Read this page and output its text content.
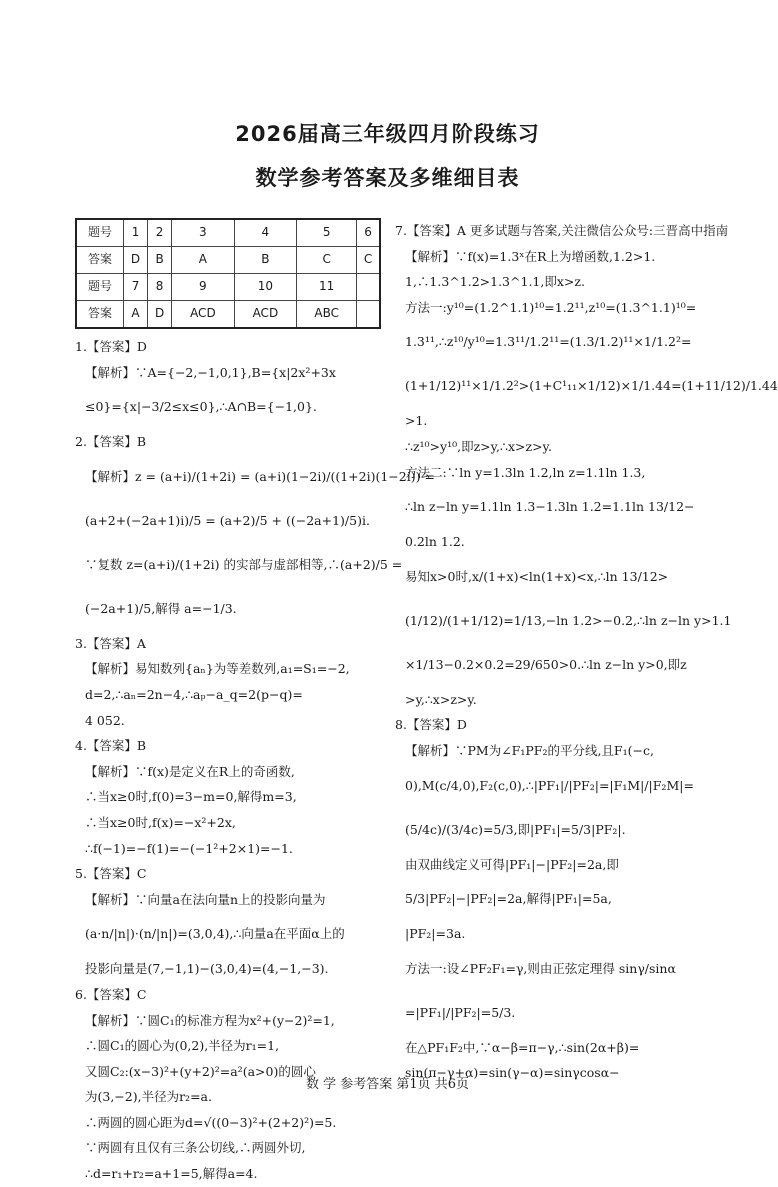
2026届高三年级四月阶段练习
数学参考答案及多维细目表
题号	1	2	3	4	5	6
答案	D	B	A	B	C	C
题号	7	8	9	10	11	
答案	A	D	ACD	ACD	ABC	
1.【答案】D
【解析】∵A={−2,−1,0,1},B={x|2x²+3x
≤0}={x|−3/2≤x≤0},∴A∩B={−1,0}.
2.【答案】B
【解析】z = (a+i)/(1+2i) = (a+i)(1−2i)/((1+2i)(1−2i)) =
(a+2+(−2a+1)i)/5 = (a+2)/5 + ((−2a+1)/5)i.
∵复数 z=(a+i)/(1+2i) 的实部与虚部相等,∴(a+2)/5 =
(−2a+1)/5,解得 a=−1/3.
3.【答案】A
【解析】易知数列{aₙ}为等差数列,a₁=S₁=−2,
d=2,∴aₙ=2n−4,∴aₚ−a_q=2(p−q)=
4 052.
4.【答案】B
【解析】∵f(x)是定义在R上的奇函数,
∴当x≥0时,f(0)=3−m=0,解得m=3,
∴当x≥0时,f(x)=−x²+2x,
∴f(−1)=−f(1)=−(−1²+2×1)=−1.
5.【答案】C
【解析】∵向量a在法向量n上的投影向量为
(a·n/|n|)·(n/|n|)=(3,0,4),∴向量a在平面α上的
投影向量是(7,−1,1)−(3,0,4)=(4,−1,−3).
6.【答案】C
【解析】∵圆C₁的标准方程为x²+(y−2)²=1,
∴圆C₁的圆心为(0,2),半径为r₁=1,
又圆C₂:(x−3)²+(y+2)²=a²(a>0)的圆心
为(3,−2),半径为r₂=a.
∴两圆的圆心距为d=√((0−3)²+(2+2)²)=5.
∵两圆有且仅有三条公切线,∴两圆外切,
∴d=r₁+r₂=a+1=5,解得a=4.
7.【答案】A 更多试题与答案,关注微信公众号:三晋高中指南
【解析】∵f(x)=1.3ˣ在R上为增函数,1.2>1.
1,∴1.3^1.2>1.3^1.1,即x>z.
方法一:y¹⁰=(1.2^1.1)¹⁰=1.2¹¹,z¹⁰=(1.3^1.1)¹⁰=
1.3¹¹,∴z¹⁰/y¹⁰=1.3¹¹/1.2¹¹=(1.3/1.2)¹¹×1/1.2²=
(1+1/12)¹¹×1/1.2²>(1+C¹₁₁×1/12)×1/1.44=(1+11/12)/1.44
>1.
∴z¹⁰>y¹⁰,即z>y,∴x>z>y.
方法二:∵ln y=1.3ln 1.2,ln z=1.1ln 1.3,
∴ln z−ln y=1.1ln 1.3−1.3ln 1.2=1.1ln 13/12−
0.2ln 1.2.
易知x>0时,x/(1+x)<ln(1+x)<x,∴ln 13/12>
(1/12)/(1+1/12)=1/13,−ln 1.2>−0.2,∴ln z−ln y>1.1
×1/13−0.2×0.2=29/650>0.∴ln z−ln y>0,即z
>y,∴x>z>y.
8.【答案】D
【解析】∵PM为∠F₁PF₂的平分线,且F₁(−c,
0),M(c/4,0),F₂(c,0),∴|PF₁|/|PF₂|=|F₁M|/|F₂M|=
(5/4c)/(3/4c)=5/3,即|PF₁|=5/3|PF₂|.
由双曲线定义可得|PF₁|−|PF₂|=2a,即
5/3|PF₂|−|PF₂|=2a,解得|PF₁|=5a,
|PF₂|=3a.
方法一:设∠PF₂F₁=γ,则由正弦定理得 sinγ/sinα
=|PF₁|/|PF₂|=5/3.
在△PF₁F₂中,∵α−β=π−γ,∴sin(2α+β)=
sin(π−γ+α)=sin(γ−α)=sinγcosα−
数 学 参考答案 第1页 共6页
